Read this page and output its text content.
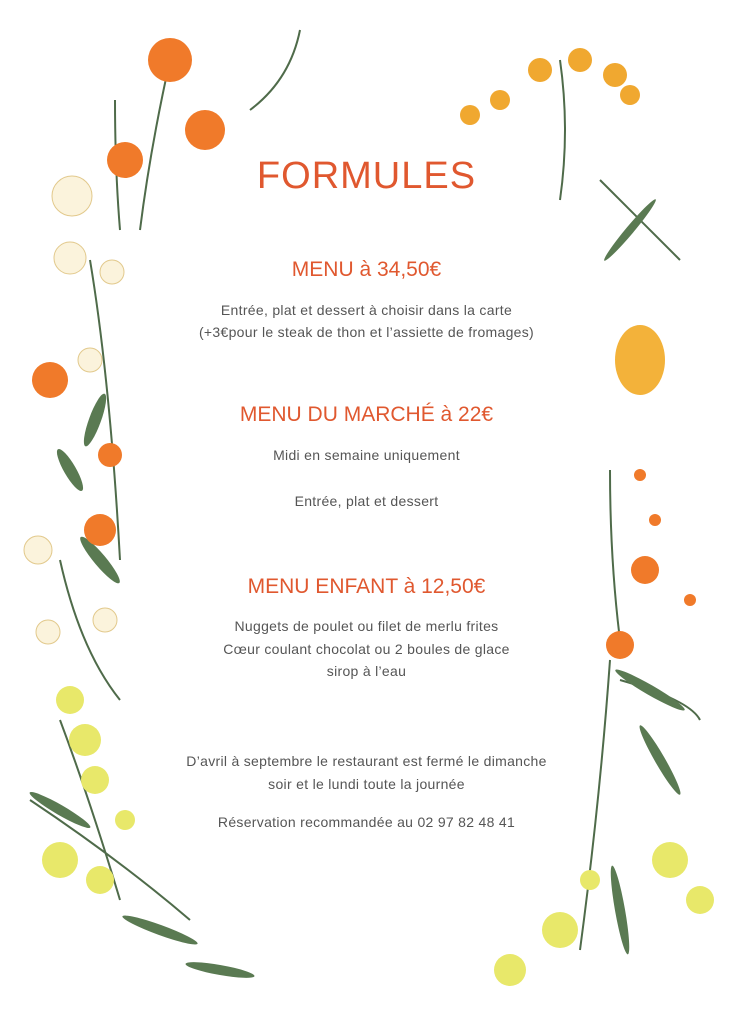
FORMULES
MENU à 34,50€
Entrée, plat et dessert à choisir dans la carte
(+3€pour le steak de thon et l’assiette de fromages)
MENU DU MARCHÉ à 22€
Midi en semaine uniquement
Entrée, plat et dessert
MENU ENFANT à 12,50€
Nuggets de poulet ou filet de merlu frites
Cœur coulant chocolat ou 2 boules de glace
sirop à l’eau
D’avril à septembre le restaurant est fermé le dimanche
soir et le lundi toute la journée
Réservation recommandée au 02 97 82 48 41
